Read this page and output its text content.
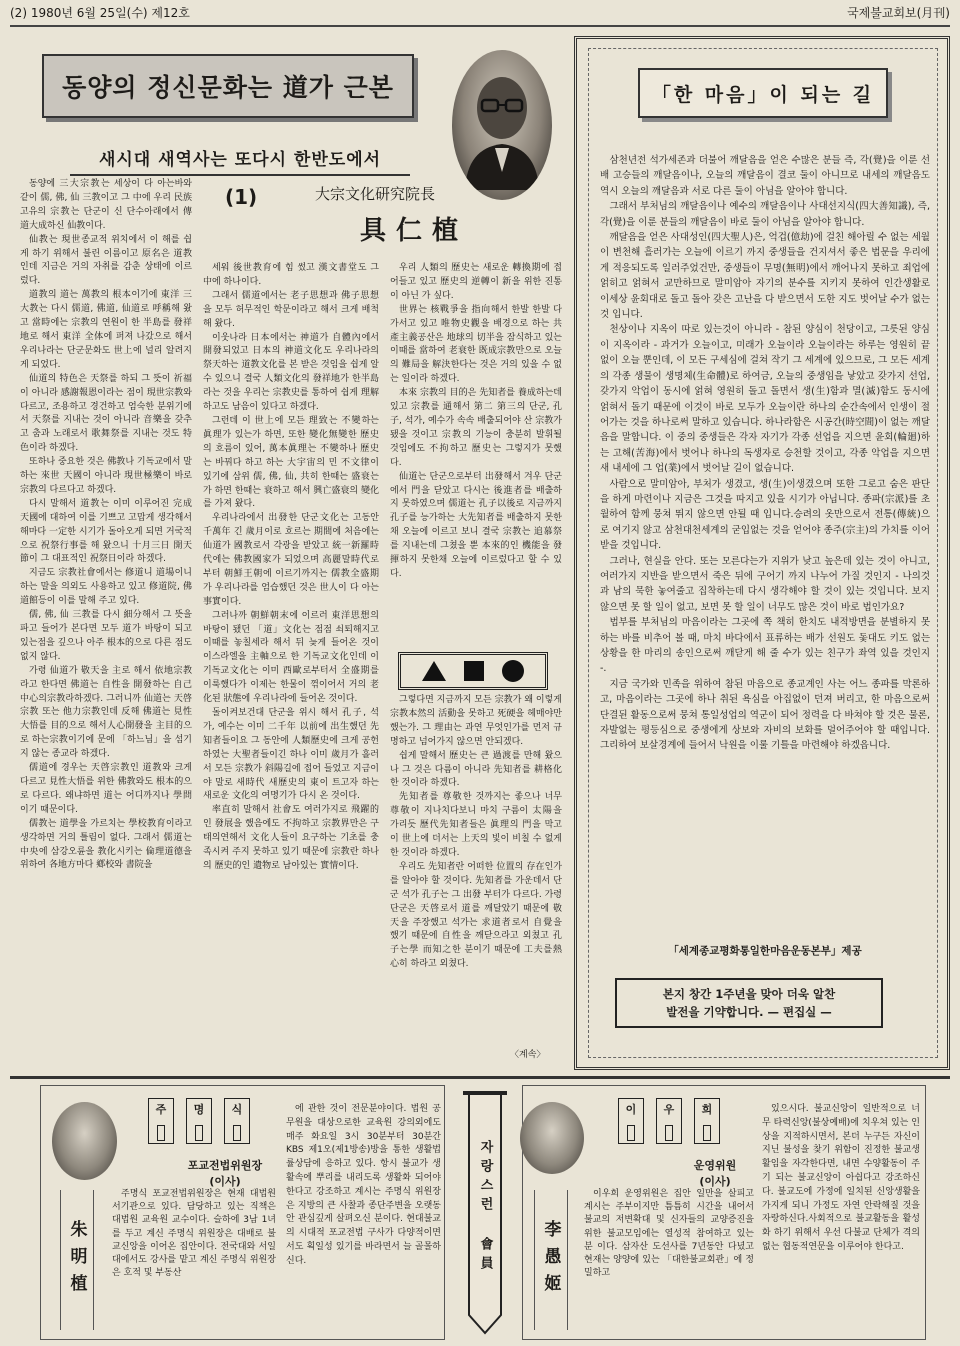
(2) 1980년 6월 25일(수) 제12호	국제불교회보(月刊)
동양의 정신문화는 道가 근본
새시대 새역사는 또다시 한반도에서
(1)	大宗文化研究院長
具仁植

동양에 三大宗教는 세상이 다 아는바와 같이 儒, 佛, 仙 三教이고 그 中에 우리 民族 고유의 宗教는 단군이 신 단수아래에서 傳道大成하신 仙教이다.

仙教는 現世종교적 위치에서 이 해를 쉽게 하기 위해서 불린 이름이고 原名은 道教인데 지금은 거의 자취를 감춘 상태에 이르렀다.

道教의 道는 萬教의 根本이기에 東洋 三大教는 다시 儒道, 佛道, 仙道로 呼稱해 왔고 當時에는 宗教의 연원이 한 半島를 發祥地로 해서 東洋 全体에 퍼져 나갔으로 해서 우리나라는 단군문화도 世上에 널리 알려지게 되었다.

仙道의 特色은 天祭를 하되 그 뜻이 祈福이 아니라 感謝報恩이라는 점이 現世宗教와 다르고, 조용하고 경건하고 엄숙한 분위기에서 天祭를 지내는 것이 아니라 音樂을 갖추고 춤과 노래로서 歌舞祭를 지내는 것도 特色이라 하겠다.

또하나 중요한 것은 佛教나 기독교에서 말하는 來世 天國이 아니라 現世極樂이 바로 宗教의 다르다고 하겠다.

다시 말해서 道教는 이미 이루어진 完成天國에 대하여 이를 기쁘고 고맙게 생각해서 해마다 一定한 시기가 돌아오게 되면 거국적으로 祝祭行事를 해 왔으니 十月三日 開天節이 그 대표적인 祝祭日이라 하겠다.

지금도 宗教社會에서는 修道니 道場이니 하는 말을 의외도 사용하고 있고 修道院, 佛道館등이 이를 말해 주고 있다.

儒, 佛, 仙 三教를 다시 細分해서 그 뜻을 파고 들어가 본다면 모두 道가 바탕이 되고 있는점을 깊으나 아주 根本的으로 다른 점도 없지 않다.

가령 仙道가 敬天을 主로 해서 依地宗教라고 한다면 佛道는 自性을 開發하는 自己中心의宗教라하겠다. 그러니까 仙道는 天啓宗教 또는 他力宗教인데 反해 佛道는 見性大悟를 目的으로 해서人心開發을 主目的으로 하는宗教이기에 문에 「하느님」을 섬기지 않는 종교라 하겠다.

儒道에 경우는 天啓宗教인 道教와 크게 다르고 見性大悟를 위한 佛教와도 根本的으로 다르다. 왜냐하면 道는 어디까지나 學問이기 때문이다.

儒教는 道學을 가르치는 學校教育이라고 생각하면 거의 틀림이 없다. 그래서 儒道는 中央에 삼강오륜을 教化시키는 倫理道德을 위하여 各地方마다 鄕校와 書院을

세워 後世教育에 힘 썼고 漢文書堂도 그 中에 하나이다.

그래서 儒道에서는 老子思想과 佛子思想을 모두 허무적인 학문이라고 해서 크게 배척해 왔다.

이웃나라 日本에서는 神道가 自體內에서 開發되었고 日本의 神道文化도 우리나라의 祭天하는 道教文化를 본 받은 것임을 쉽게 알 수 있으니 결국 人類文化의 發祥地가 한半島라는 것을 우리는 宗教史를 통하여 쉽게 理解하고도 남음이 있다고 하겠다.

그런데 이 世上에 모든 理致는 不變하는 眞理가 있는가 하면, 또한 變化無變한 歷史의 흐름이 있어, 萬本眞理는 不變하나 歷史는 바꿔다 하고 하는 大宇宙의 민 不文律이 있기에 삼위 儒, 佛, 仙, 共히 한때는 盛衰는가 하면 한때는 衰하고 해서 興亡盛衰의 變化를 가져 왔다.

우리나라에서 出發한 단군文化는 고동안 千萬年 긴 歲月이로 흐르는 期間에 처음에는 仙道가 國教로서 각광을 받았고 統一新羅時代에는 佛教國家가 되었으며 高麗말時代로부터 朝鮮王朝에 이르기까지는 儒教全盛期가 우리나라를 엄습했던 것은 世人이 다 아는 事實이다.

그러나까 朝鮮朝末에 이르러 東洋思想의 바탕이 됐던 「道」文化는 점점 쇠퇴해지고 이때를 놓칠세라 해서 뒤 늦게 들어온 것이 이스라엘을 主軸으로 한 기독교文化인데 이 기독교文化는 이미 西歐로부터서 全盛期를 이룩했다가 이제는 한물이 꺾이어서 거의 老化된 狀態에 우리나라에 들어온 것이다.

돌이켜보건대 단군을 위시 해서 孔子, 석가, 예수는 이미 二千年 以前에 出生했던 先知者들이요 그 동안에 人類歷史에 크게 공헌 하였는 大聖者들이긴 하나 이미 歲月가 흘러서 모든 宗教가 斜陽길에 접어 들었고 지금이야 말로 새時代 새歷史의 東이 트고자 하는 새로운 文化의 여명기가 다시 온 것이다.

率直히 말해서 社會도 여러가지로 飛躍的인 發展을 했음에도 不拘하고 宗教界만은 구태의연해서 文化人들이 요구하는 기초를 충족시켜 주지 못하고 있기 때문에 宗教란 하나의 歷史的인 遺物로 남아있는 實情이다.

우리 人類의 歷史는 새로운 轉換期에 접어들고 있고 歷史의 逆轉이 新을 위한 진통이 아닌 가 싶다.

世界는 核戰爭을 指向해서 한발 한발 다가서고 있고 唯物史觀을 배경으로 하는 共產主義공산은 地球의 切半을 잠식하고 있는 이때를 當하여 老衰한 既成宗教만으로 오늘의 難局을 解決한다는 것은 거의 있을 수 없는 일이라 하겠다.

本來 宗教의 目的은 先知者를 養成하는데 있고 宗教를 通해서 第二 第三의 단군, 孔子, 석가, 예수가 속속 배출되어야 산 宗教가 됐을 것이고 宗教의 기능이 충분히 발휘될 것임에도 不拘하고 歷史는 그렇지가 못했다.

仙道는 단군으로부터 出發해서 겨우 단군에서 門을 닫았고 다시는 後進者를 배출하지 못하였으며 儒道는 孔子以後로 지금까지 孔子를 능가하는 大先知者를 배출하지 못한채 오늘에 이르고 보니 결국 宗教는 追慕祭를 지내는데 그쳤을 뿐 本來的인 機能을 發揮하지 못한채 오늘에 이르렀다고 할 수 있다.

그렇다면 지금까지 모든 宗教가 왜 이렇게 宗教本然의 活動을 못하고 死硬을 헤매야만 했는가. 그 理由는 과연 무엇인가를 먼저 규명하고 넘어가지 않으면 안되겠다.

쉽게 말해서 歷史는 큰 過渡를 만해 왔으나 그 것은 다름이 아니라 先知者를 耕格化한 것이라 하겠다.

先知者를 尊敬한 것까지는 좋으나 너무 尊敬이 지나치다보니 마치 구름이 太陽을 가리듯 歷代先知者들은 眞理의 門을 막고 이 世上에 더서는 上天의 빛이 비칠 수 없게 한 것이라 하겠다.

우리도 先知者란 어떠한 位置의 存在인가를 알아야 할 것이다. 先知者를 가운데서 단군 석가 孔子는 그 出發 부터가 다르다. 가령 단군은 天啓로서 道를 깨달았기 때문에 敬天을 주장했고 석가는 求道者로서 自覺을 했기 때문에 自性을 깨닫으라고 외쳤고 孔子는學 而知之한 분이기 때문에 工夫를熱 心히 하라고 외쳤다.

〈계속〉
「한 마음」이 되는 길

삼천년전 석가세존과 더불어 깨달음을 얻은 수많은 분들 즉, 각(覺)을 이룬 선배 고승들의 깨달음이나, 오늘의 깨달음이 결코 둘이 아니므로 내세의 깨달음도 역시 오늘의 깨달음과 서로 다른 둘이 아님을 알아야 합니다.

그래서 부처님의 깨달음이나 예수의 깨달음이나 사대선지식(四大善知識), 즉, 각(覺)을 이룬 분들의 깨달음이 바로 둘이 아님을 알아야 합니다.

깨달음을 얻은 사대성인(四大聖人)은, 억겁(億劫)에 걸친 해아릴 수 없는 세월이 변천해 흘러가는 오늘에 이르기 까지 중생들을 건지셔서 좋은 법문을 우리에게 적응되도록 일러주었건만, 중생들이 무명(無明)에서 깨어나지 못하고 죄업에 얽히고 얽혀서 교만하므로 말미암아 자기의 분수를 지키지 못하여 인간생활로 이세상 윤회대로 돌고 돌아 갖은 고난을 다 받으면서 도한 지도 벗어날 수가 없는것 입니다.

천상이나 지옥이 따로 있는것이 아니라 - 참된 양심이 천당이고, 그릇된 양심이 지옥이라 - 과거가 오늘이고, 미래가 오늘이라 오늘이라는 하루는 영원히 끝없이 오늘 뿐인데, 이 모든 구세심에 걸쳐 작기 그 세계에 있으므로, 그 모든 세계의 각종 생물이 생명체(生命體)로 하여금, 오늘의 중생임을 낳았고 갖가지 선업, 갖가지 악업이 동시에 얽혀 영원히 돌고 돌면서 생(生)함과 멸(滅)함도 동시에 얽혀서 돌기 때문에 이것이 바로 모두가 오늘이란 하나의 순간속에서 인생이 절어가는 것을 하나로써 말하고 있습니다. 하나라함은 시공간(時空間)이 없는 깨달음을 말합니다. 이 중의 중생들은 각자 자기가 각종 선업을 지으면 윤회(輪廻)하는 고해(苦海)에서 벗어나 하나의 독생자로 승천할 것이고, 각종 악업을 지으면 새 내세에 그 업(業)에서 벗어날 길이 없습니다.

사람으로 말미암아, 부처가 생겼고, 생(生)이생겼으며 또한 그로고 숨은 판단을 하게 마련이나 지금은 그것을 따지고 있을 시기가 아닙니다. 종파(宗派)를 초월하여 함께 뭉쳐 뛰지 않으면 안될 때 입니다.승려의 옷만으로서 전통(傳統)으로 여기지 않고 삼천대천세계의 굳입없는 것을 얻어야 종주(宗主)의 가치를 이어받을 것입니다.

그러나, 현실을 안다. 또는 모른다는가 지위가 낮고 높은데 있는 것이 아니고, 여러가지 지반을 받으면서 죽은 뒤에 구어기 까지 나누어 가질 것인지 - 나의것과 남의 묵한 놓여줄고 집착하는데 다시 생각해야 할 것이 있는 것입니다. 보지 않으면 못 할 일이 없고, 보면 못 할 일이 너무도 많은 것이 바로 법인가요?

법부를 부처님의 마음이라는 그곳에 쪽 책히 한치도 내적방면을 분별하지 못하는 바를 비추어 볼 때, 마치 바다에서 표류하는 배가 선원도 돛대도 키도 없는 상황을 한 마리의 송인으로써 깨닫게 해 줄 수가 있는 친구가 좌역 있을 것인지 -.

지금 국가와 민족을 위하여 참된 마음으로 종교계인 사는 어느 종파를 막론하고, 마음이라는 그곳에 하나 취된 욕심을 아집없이 던져 버리고, 한 마음으로써 단결된 활동으로써 뭉쳐 통일성업의 역군이 되어 정력을 다 바쳐야 할 것은 물론, 자발없는 평등심으로 중생에게 상보와 자비의 보화를 덜어주어야 할 때입니다. 그리하여 보살경계에 들어서 낙원을 이룰 기틀을 마련해야 하겠읍니다.

「세계종교평화통일한마음운동본부」제공
본지 창간 1주년을 맞아 더욱 알찬
발전을 기약합니다. — 편집실 —
주 명 식
포교전법위원장
(이사)
朱明植

주명식 포교전법위원장은 현재 대법원 서기관으로 있다. 담당하고 있는 직책은 대법원 교육원 교수이다. 슬하에 3남 1녀를 두고 계신 주명식 위원장은 대배로 불교신앙을 이어온 집안이다. 전국대와 서일대에서도 강사를 맡고 계신 주명식 위원장은 호적 및 부동산

에 관한 것이 전문분야이다. 법원 공무원을 대상으로한 교육원 강의외에도 매주 화요일 3시 30분부터 30분간 KBS 제1오(제1방송)방을 통한 생활법률상담에 응하고 있다. 항시 불교가 생활속에 뿌리를 내리도록 생활화 되어야 한다고 강조하고 계시는 주명식 위원장은 지방의 큰 사찰과 종단주변을 오랫동안 관심깊게 살펴오신 분이다. 현대불교의 시대적 포교전법 구사가 다양적이면서도 획일성 있기를 바라면서 늘 골몰하신다.	자랑스런 會員
이 우 희
운영위원
(이사)
李愚姬

이우희 운영위원은 집안 일만을 살피고 계시는 주부이지만 틈틈히 시간을 내어서 불교의 저변확대 및 신자들의 교양증진을 위한 불교모임에는 열성적 참여하고 있는 분 이다. 삼자산 도선사를 7년동안 다녔고 현재는 양양에 있는 「대한불교회관」에 정밀하고

있으시다. 불교신앙이 일반적으로 너무 타력신앙(불상예배)에 치우쳐 있는 인상을 지적하시면서, 본더 누구든 자신이 지닌 불성을 찾기 위함이 진정한 불교생활임을 자각한다면, 내면 수양활동이 주기 되는 불교신앙이 아쉽다고 강조하신다. 불교도에 가정에 일치된 신앙생활을 가지게 되니 가정도 자연 안락해질 것을 자랑하신다.사회적으로 불교활동을 활성화 하기 위해서 우선 다불교 단체가 격의없는 협동적연문을 이루어야 한다고.
